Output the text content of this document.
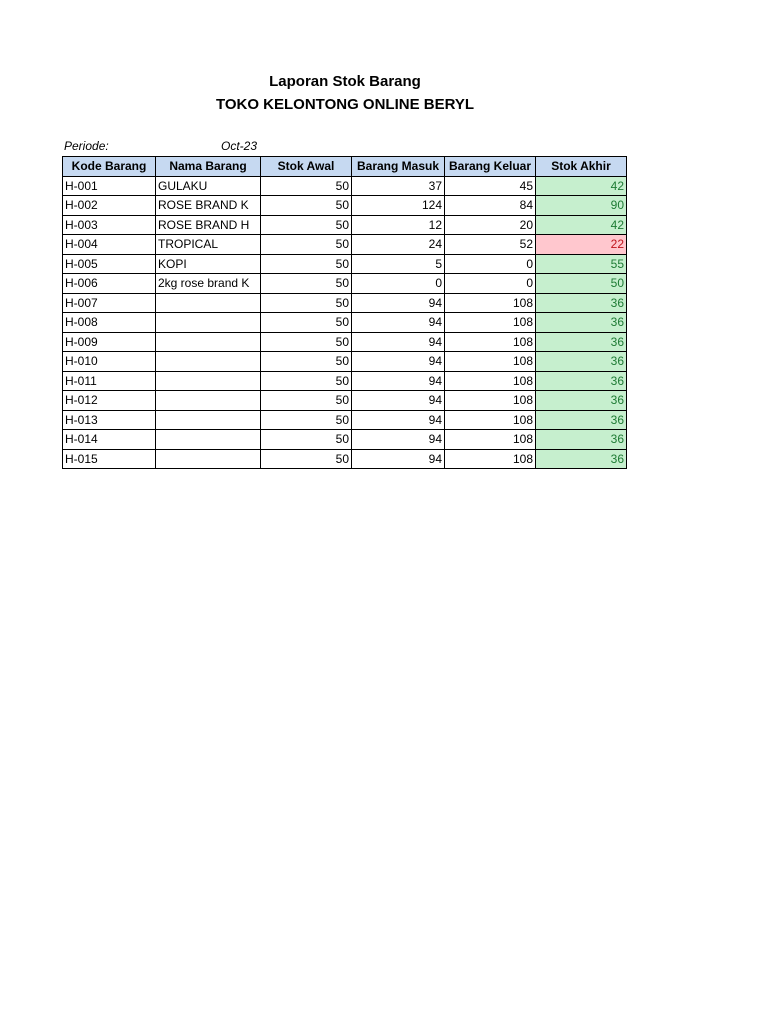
Laporan Stok Barang
TOKO KELONTONG ONLINE BERYL
Periode:	Oct-23
Kode Barang	Nama Barang	Stok Awal	Barang Masuk	Barang Keluar	Stok Akhir
H-001	GULAKU	50	37	45	42
H-002	ROSE BRAND K	50	124	84	90
H-003	ROSE BRAND H	50	12	20	42
H-004	TROPICAL	50	24	52	22
H-005	KOPI	50	5	0	55
H-006	2kg rose brand K	50	0	0	50
H-007		50	94	108	36
H-008		50	94	108	36
H-009		50	94	108	36
H-010		50	94	108	36
H-011		50	94	108	36
H-012		50	94	108	36
H-013		50	94	108	36
H-014		50	94	108	36
H-015		50	94	108	36
